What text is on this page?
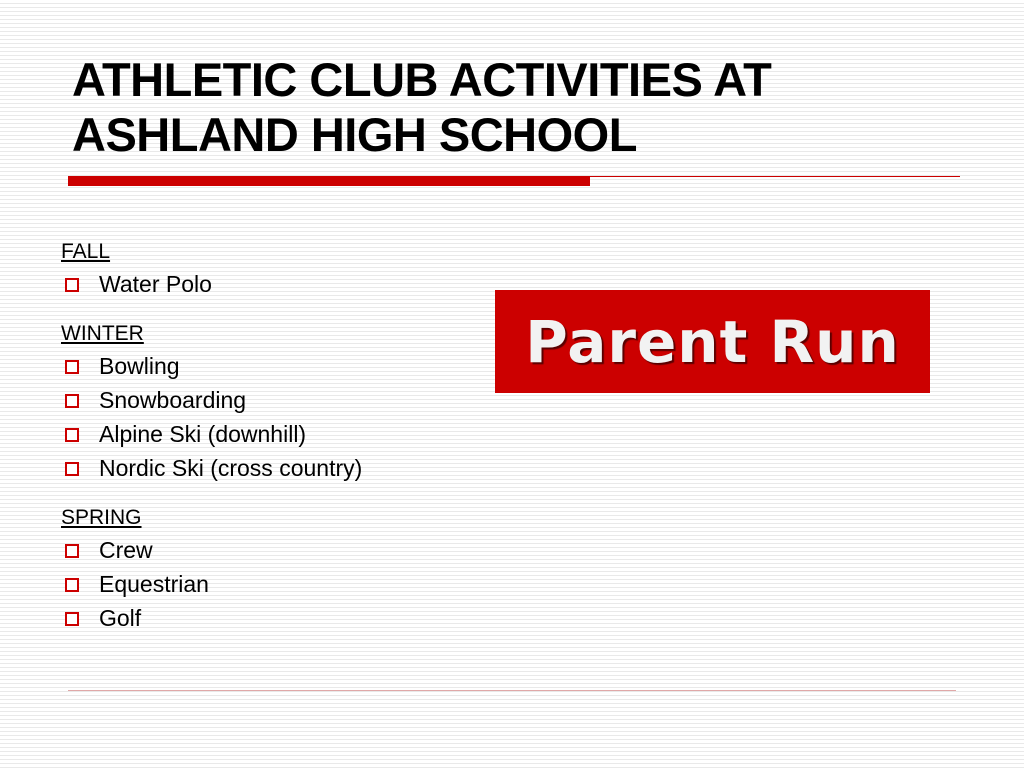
ATHLETIC CLUB ACTIVITIES AT
ASHLAND HIGH SCHOOL
FALL
Water Polo
WINTER
Bowling
Snowboarding
Alpine Ski (downhill)
Nordic Ski (cross country)
SPRING
Crew
Equestrian
Golf
Parent Run
